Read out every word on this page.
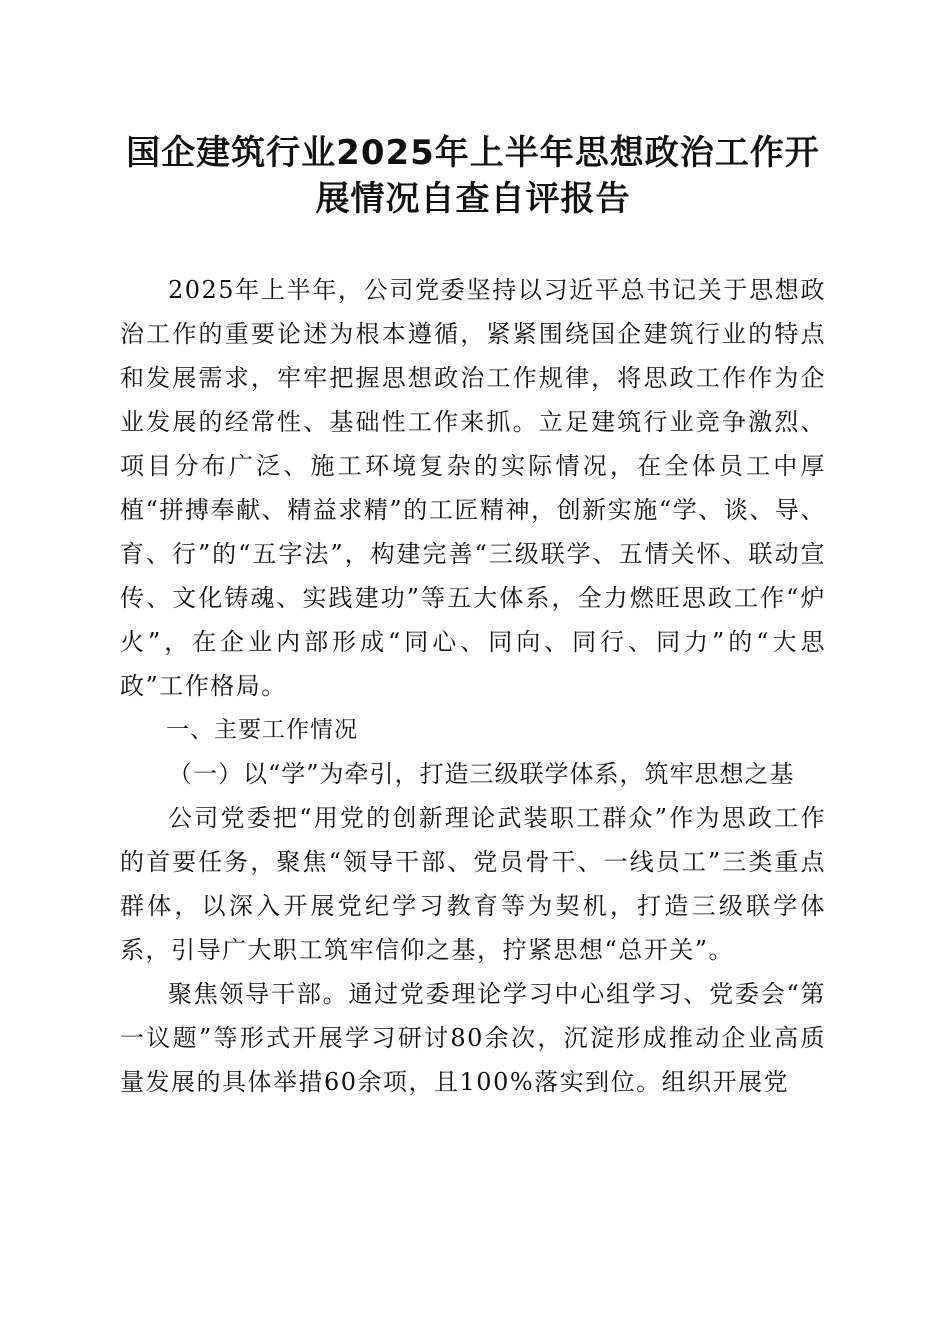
国企建筑行业2025年上半年思想政治工作开展情况自查自评报告

2025年上半年，公司党委坚持以习近平总书记关于思想政治工作的重要论述为根本遵循，紧紧围绕国企建筑行业的特点和发展需求，牢牢把握思想政治工作规律，将思政工作作为企业发展的经常性、基础性工作来抓。立足建筑行业竞争激烈、项目分布广泛、施工环境复杂的实际情况，在全体员工中厚植“拼搏奉献、精益求精”的工匠精神，创新实施“学、谈、导、育、行”的“五字法”，构建完善“三级联学、五情关怀、联动宣传、文化铸魂、实践建功”等五大体系，全力燃旺思政工作“炉火”，在企业内部形成“同心、同向、同行、同力”的“大思政”工作格局。

一、主要工作情况

（一）以“学”为牵引，打造三级联学体系，筑牢思想之基

公司党委把“用党的创新理论武装职工群众”作为思政工作的首要任务，聚焦“领导干部、党员骨干、一线员工”三类重点群体，以深入开展党纪学习教育等为契机，打造三级联学体系，引导广大职工筑牢信仰之基，拧紧思想“总开关”。

聚焦领导干部。通过党委理论学习中心组学习、党委会“第一议题”等形式开展学习研讨80余次，沉淀形成推动企业高质量发展的具体举措60余项，且100%落实到位。组织开展党
